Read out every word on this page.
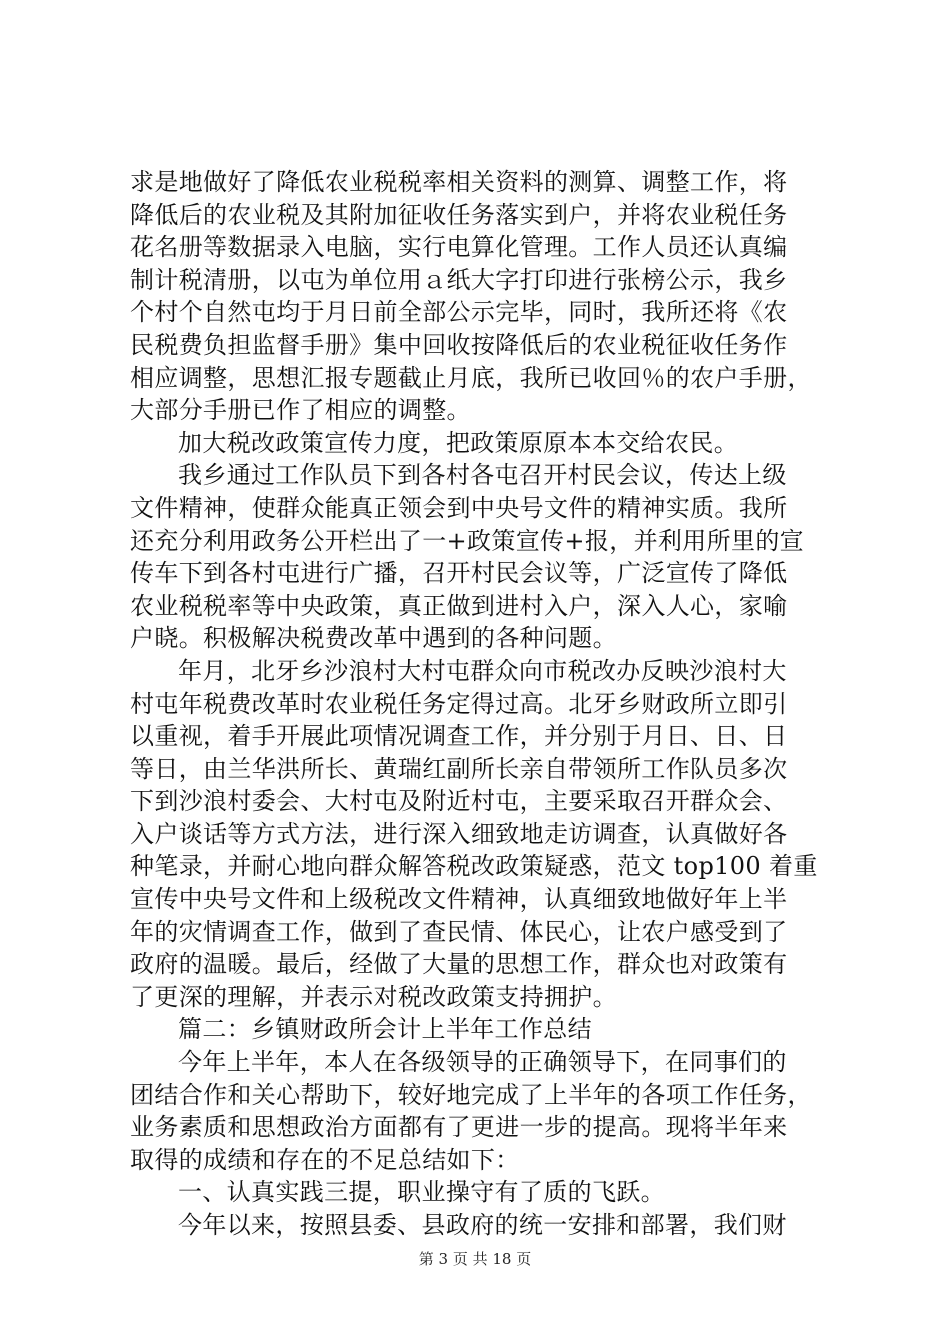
求是地做好了降低农业税税率相关资料的测算、调整工作，将
降低后的农业税及其附加征收任务落实到户，并将农业税任务
花名册等数据录入电脑，实行电算化管理。工作人员还认真编
制计税清册，以屯为单位用ａ纸大字打印进行张榜公示，我乡
个村个自然屯均于月日前全部公示完毕，同时，我所还将《农
民税费负担监督手册》集中回收按降低后的农业税征收任务作
相应调整，思想汇报专题截止月底，我所已收回％的农户手册，
大部分手册已作了相应的调整。
加大税改政策宣传力度，把政策原原本本交给农民。
我乡通过工作队员下到各村各屯召开村民会议，传达上级
文件精神，使群众能真正领会到中央号文件的精神实质。我所
还充分利用政务公开栏出了一+政策宣传+报，并利用所里的宣
传车下到各村屯进行广播，召开村民会议等，广泛宣传了降低
农业税税率等中央政策，真正做到进村入户，深入人心，家喻
户晓。积极解决税费改革中遇到的各种问题。
年月，北牙乡沙浪村大村屯群众向市税改办反映沙浪村大
村屯年税费改革时农业税任务定得过高。北牙乡财政所立即引
以重视，着手开展此项情况调查工作，并分别于月日、日、日
等日，由兰华洪所长、黄瑞红副所长亲自带领所工作队员多次
下到沙浪村委会、大村屯及附近村屯，主要采取召开群众会、
入户谈话等方式方法，进行深入细致地走访调查，认真做好各
种笔录，并耐心地向群众解答税改政策疑惑，范文 top100 着重
宣传中央号文件和上级税改文件精神，认真细致地做好年上半
年的灾情调查工作，做到了查民情、体民心，让农户感受到了
政府的温暖。最后，经做了大量的思想工作，群众也对政策有
了更深的理解，并表示对税改政策支持拥护。
篇二：乡镇财政所会计上半年工作总结
今年上半年，本人在各级领导的正确领导下，在同事们的
团结合作和关心帮助下，较好地完成了上半年的各项工作任务，
业务素质和思想政治方面都有了更进一步的提高。现将半年来
取得的成绩和存在的不足总结如下：
一、认真实践三提，职业操守有了质的飞跃。
今年以来，按照县委、县政府的统一安排和部署，我们财
第 3 页 共 18 页
